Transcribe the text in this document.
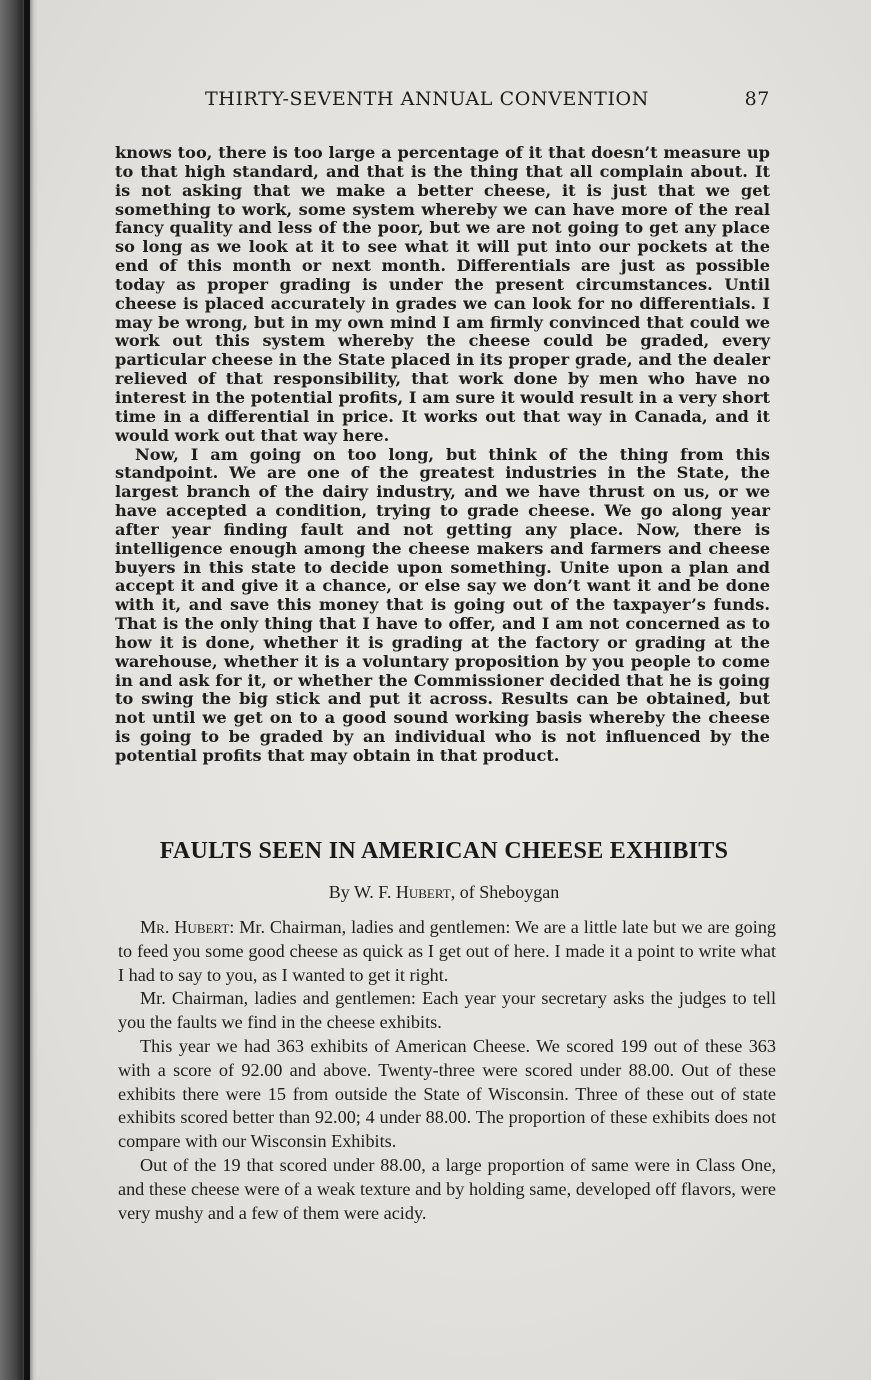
THIRTY-SEVENTH ANNUAL CONVENTION	87

knows too, there is too large a percentage of it that doesn’t measure up to that high standard, and that is the thing that all complain about. It is not asking that we make a better cheese, it is just that we get something to work, some system whereby we can have more of the real fancy quality and less of the poor, but we are not going to get any place so long as we look at it to see what it will put into our pockets at the end of this month or next month. Differentials are just as possible today as proper grading is under the present circumstances. Until cheese is placed accurately in grades we can look for no differentials. I may be wrong, but in my own mind I am firmly convinced that could we work out this system whereby the cheese could be graded, every particular cheese in the State placed in its proper grade, and the dealer relieved of that responsibility, that work done by men who have no interest in the potential profits, I am sure it would result in a very short time in a differential in price. It works out that way in Canada, and it would work out that way here.

Now, I am going on too long, but think of the thing from this standpoint. We are one of the greatest industries in the State, the largest branch of the dairy industry, and we have thrust on us, or we have accepted a condition, trying to grade cheese. We go along year after year finding fault and not getting any place. Now, there is intelligence enough among the cheese makers and farmers and cheese buyers in this state to decide upon something. Unite upon a plan and accept it and give it a chance, or else say we don’t want it and be done with it, and save this money that is going out of the taxpayer’s funds. That is the only thing that I have to offer, and I am not concerned as to how it is done, whether it is grading at the factory or grading at the warehouse, whether it is a voluntary proposition by you people to come in and ask for it, or whether the Commissioner decided that he is going to swing the big stick and put it across. Results can be obtained, but not until we get on to a good sound working basis whereby the cheese is going to be graded by an individual who is not influenced by the potential profits that may obtain in that product.

FAULTS SEEN IN AMERICAN CHEESE EXHIBITS
By W. F. Hubert, of Sheboygan

Mr. Hubert: Mr. Chairman, ladies and gentlemen: We are a little late but we are going to feed you some good cheese as quick as I get out of here. I made it a point to write what I had to say to you, as I wanted to get it right.

Mr. Chairman, ladies and gentlemen: Each year your secretary asks the judges to tell you the faults we find in the cheese exhibits.

This year we had 363 exhibits of American Cheese. We scored 199 out of these 363 with a score of 92.00 and above. Twenty-three were scored under 88.00. Out of these exhibits there were 15 from outside the State of Wisconsin. Three of these out of state exhibits scored better than 92.00; 4 under 88.00. The proportion of these exhibits does not compare with our Wisconsin Exhibits.

Out of the 19 that scored under 88.00, a large proportion of same were in Class One, and these cheese were of a weak texture and by holding same, developed off flavors, were very mushy and a few of them were acidy.
